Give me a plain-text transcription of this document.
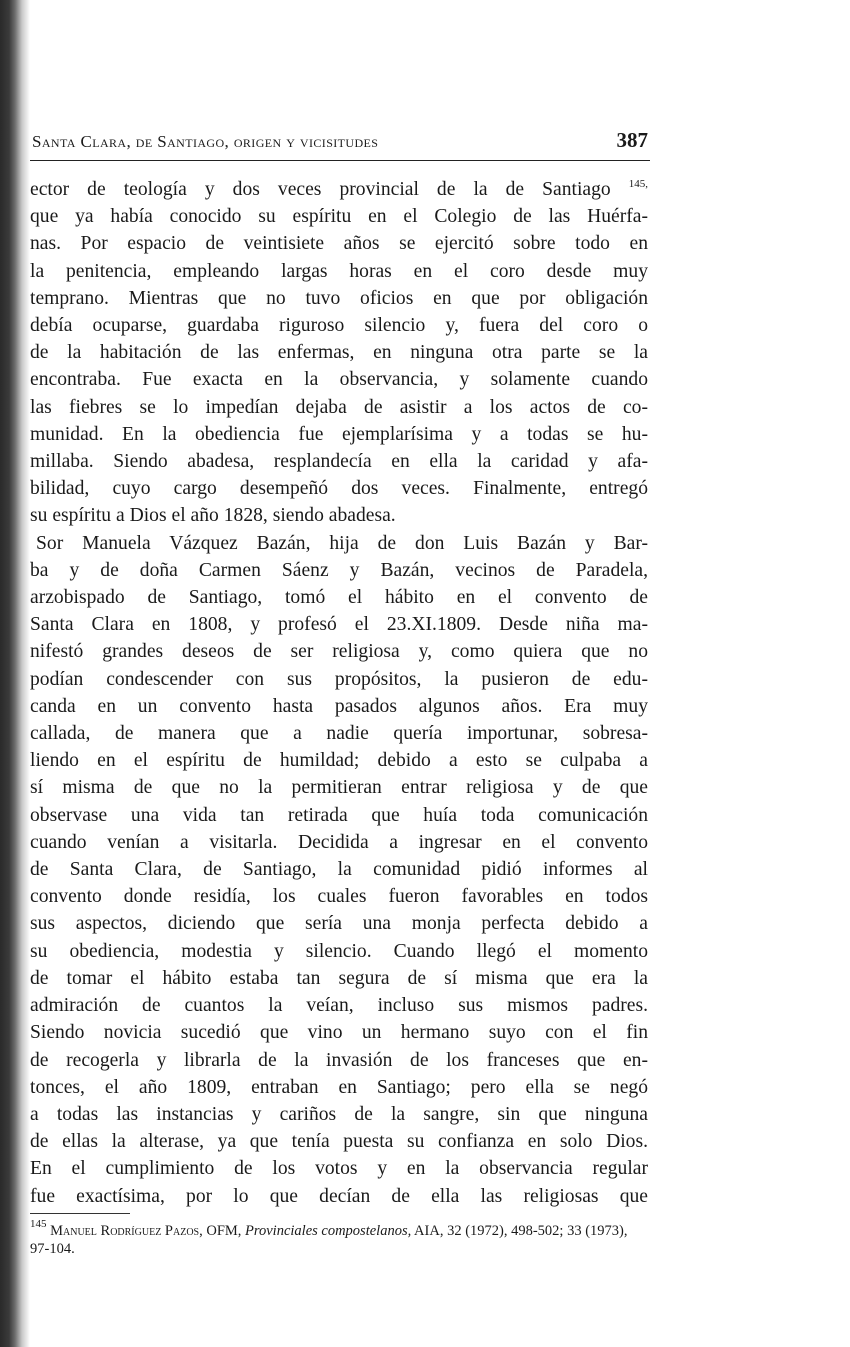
Santa Clara, de Santiago, origen y vicisitudes	387
ector de teología y dos veces provincial de la de Santiago $^{145,}$
que ya había conocido su espíritu en el Colegio de las Huérfa-
nas. Por espacio de veintisiete años se ejercitó sobre todo en
la penitencia, empleando largas horas en el coro desde muy
temprano. Mientras que no tuvo oficios en que por obligación
debía ocuparse, guardaba riguroso silencio y, fuera del coro o
de la habitación de las enfermas, en ninguna otra parte se la
encontraba. Fue exacta en la observancia, y solamente cuando
las fiebres se lo impedían dejaba de asistir a los actos de co-
munidad. En la obediencia fue ejemplarísima y a todas se hu-
millaba. Siendo abadesa, resplandecía en ella la caridad y afa-
bilidad, cuyo cargo desempeñó dos veces. Finalmente, entregó
su espíritu a Dios el año 1828, siendo abadesa.
Sor Manuela Vázquez Bazán, hija de don Luis Bazán y Bar-
ba y de doña Carmen Sáenz y Bazán, vecinos de Paradela,
arzobispado de Santiago, tomó el hábito en el convento de
Santa Clara en 1808, y profesó el 23.XI.1809. Desde niña ma-
nifestó grandes deseos de ser religiosa y, como quiera que no
podían condescender con sus propósitos, la pusieron de edu-
canda en un convento hasta pasados algunos años. Era muy
callada, de manera que a nadie quería importunar, sobresa-
liendo en el espíritu de humildad; debido a esto se culpaba a
sí misma de que no la permitieran entrar religiosa y de que
observase una vida tan retirada que huía toda comunicación
cuando venían a visitarla. Decidida a ingresar en el convento
de Santa Clara, de Santiago, la comunidad pidió informes al
convento donde residía, los cuales fueron favorables en todos
sus aspectos, diciendo que sería una monja perfecta debido a
su obediencia, modestia y silencio. Cuando llegó el momento
de tomar el hábito estaba tan segura de sí misma que era la
admiración de cuantos la veían, incluso sus mismos padres.
Siendo novicia sucedió que vino un hermano suyo con el fin
de recogerla y librarla de la invasión de los franceses que en-
tonces, el año 1809, entraban en Santiago; pero ella se negó
a todas las instancias y cariños de la sangre, sin que ninguna
de ellas la alterase, ya que tenía puesta su confianza en solo Dios.
En el cumplimiento de los votos y en la observancia regular
fue exactísima, por lo que decían de ella las religiosas que
$^{145}$ Manuel Rodríguez Pazos, OFM, Provinciales compostelanos, AIA, 32 (1972), 498-502; 33 (1973), 97-104.
